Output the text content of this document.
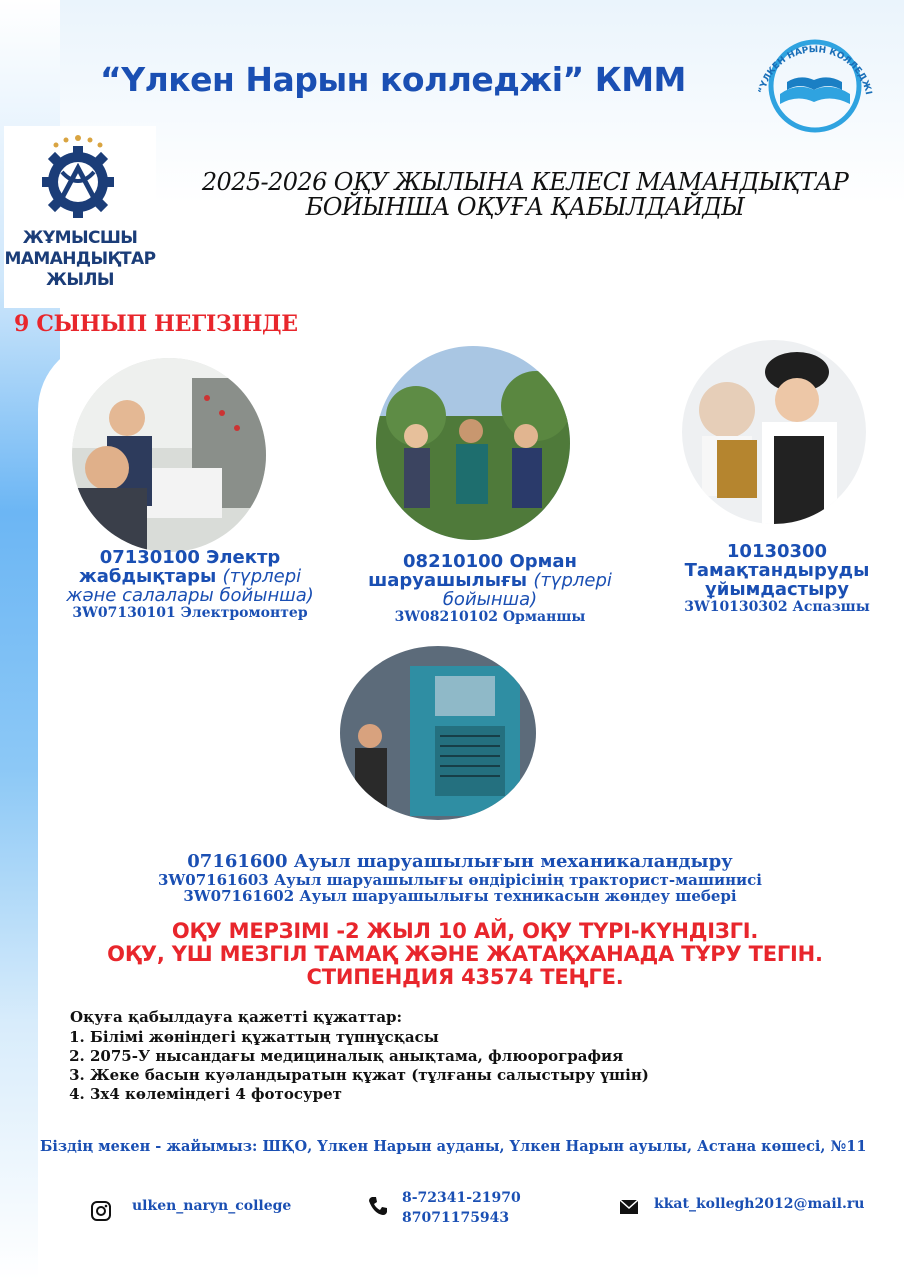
“Үлкен Нарын колледжі” КММ	“ҮЛКЕН НАРЫН КОЛЛЕДЖІ
ЖҰМЫСШЫ
МАМАНДЫҚТАР
ЖЫЛЫ
2025-2026 ОҚУ ЖЫЛЫНА КЕЛЕСІ МАМАНДЫҚТАР
БОЙЫНША ОҚУҒА ҚАБЫЛДАЙДЫ
9 СЫНЫП НЕГІЗІНДЕ
07130100 Электр
жабдықтары (түрлері
және салалары бойынша)
3W07130101 Электромонтер
08210100 Орман
шаруашылығы (түрлері
бойынша)
3W08210102 Орманшы
10130300
Тамақтандыруды
ұйымдастыру
3W10130302 Аспазшы
07161600 Ауыл шаруашылығын механикаландыру
3W07161603 Ауыл шаруашылығы өндірісінің тракторист-машинисі
3W07161602 Ауыл шаруашылығы техникасын жөндеу шебері
ОҚУ МЕРЗІМІ -2 ЖЫЛ 10 АЙ, ОҚУ ТҮРІ-КҮНДІЗГІ.
ОҚУ, ҮШ МЕЗГІЛ ТАМАҚ ЖӘНЕ ЖАТАҚХАНАДА ТҰРУ ТЕГІН.
СТИПЕНДИЯ 43574 ТЕҢГЕ.
Оқуға қабылдауға қажетті құжаттар:
1. Білімі жөніндегі құжаттың түпнұсқасы
2. 2075-У нысандағы медициналық анықтама, флюорография
3. Жеке басын куәландыратын құжат (тұлғаны салыстыру үшін)
4. 3х4 көлеміндегі 4 фотосурет
Біздің мекен - жайымыз: ШҚО, Үлкен Нарын ауданы, Үлкен Нарын ауылы, Астана көшесі, №11
ulken_naryn_college	8-72341-21970
87071175943
kkat_kollegh2012@mail.ru
